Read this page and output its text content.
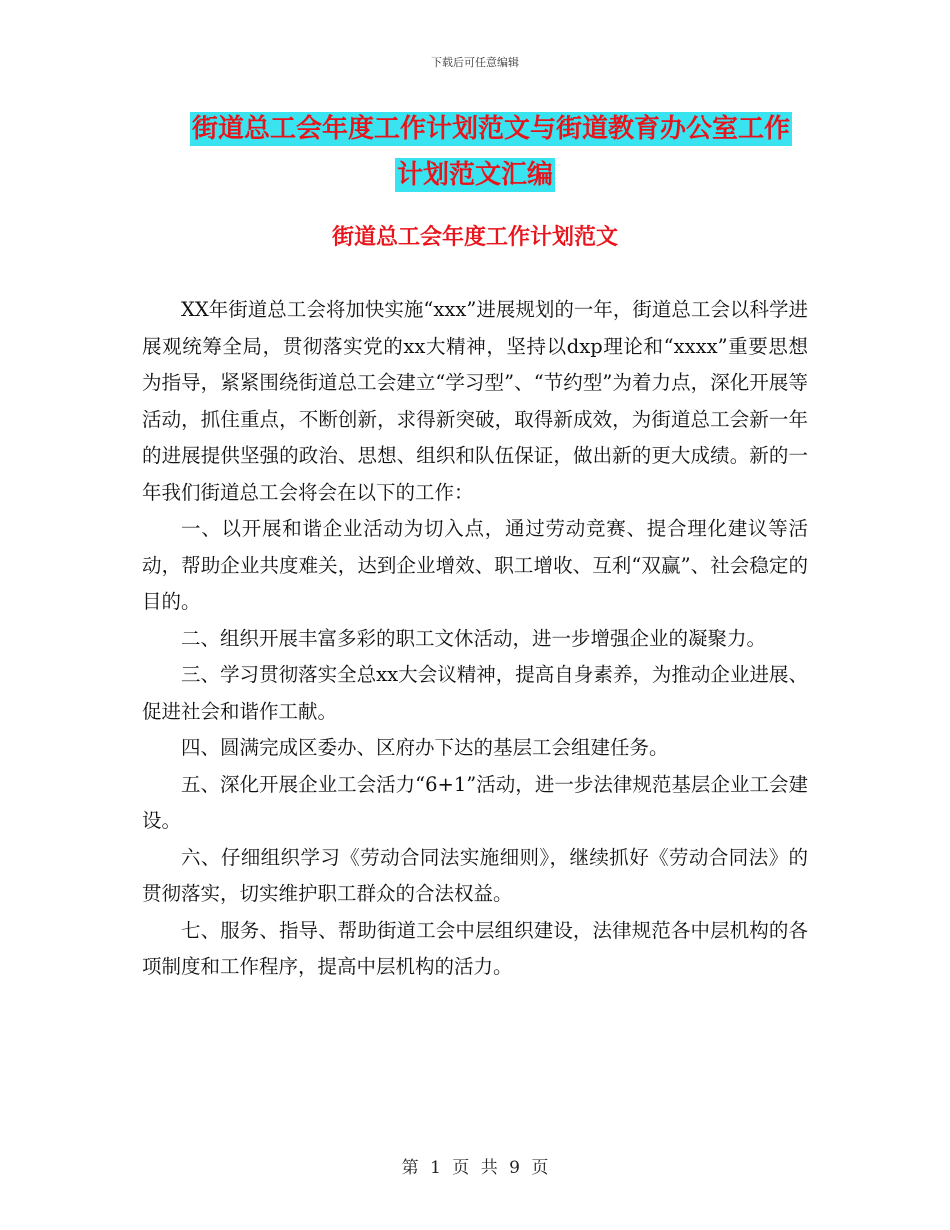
下载后可任意编辑
街道总工会年度工作计划范文与街道教育办公室工作
计划范文汇编
街道总工会年度工作计划范文

XX年街道总工会将加快实施“xxx”进展规划的一年，街道总工会以科学进展观统筹全局，贯彻落实党的xx大精神，坚持以dxp理论和“xxxx”重要思想为指导，紧紧围绕街道总工会建立“学习型”、“节约型”为着力点，深化开展等活动，抓住重点，不断创新，求得新突破，取得新成效，为街道总工会新一年的进展提供坚强的政治、思想、组织和队伍保证，做出新的更大成绩。新的一年我们街道总工会将会在以下的工作：

一、以开展和谐企业活动为切入点，通过劳动竞赛、提合理化建议等活动，帮助企业共度难关，达到企业增效、职工增收、互利“双赢”、社会稳定的目的。

二、组织开展丰富多彩的职工文休活动，进一步增强企业的凝聚力。

三、学习贯彻落实全总xx大会议精神，提高自身素养，为推动企业进展、促进社会和谐作工献。

四、圆满完成区委办、区府办下达的基层工会组建任务。

五、深化开展企业工会活力“6+1”活动，进一步法律规范基层企业工会建设。

六、仔细组织学习《劳动合同法实施细则》，继续抓好《劳动合同法》的贯彻落实，切实维护职工群众的合法权益。

七、服务、指导、帮助街道工会中层组织建设，法律规范各中层机构的各项制度和工作程序，提高中层机构的活力。

第 1 页 共 9 页
